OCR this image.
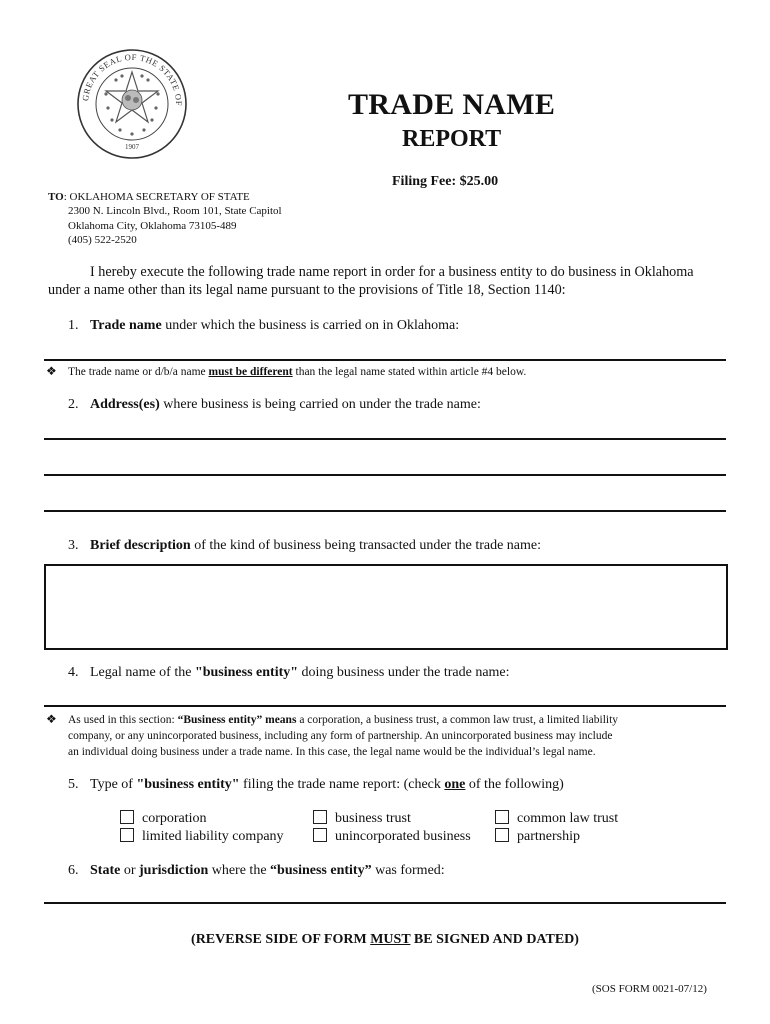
GREAT SEAL OF THE STATE OF
1907
TRADE NAME
REPORT
Filing Fee: $25.00
TO: OKLAHOMA SECRETARY OF STATE
2300 N. Lincoln Blvd., Room 101, State Capitol
Oklahoma City, Oklahoma 73105-489
(405) 522-2520
I hereby execute the following trade name report in order for a business entity to do business in Oklahoma
under a name other than its legal name pursuant to the provisions of Title 18, Section 1140:
1. Trade name under which the business is carried on in Oklahoma:
❖ The trade name or d/b/a name must be different than the legal name stated within article #4 below.
2. Address(es) where business is being carried on under the trade name:
3. Brief description of the kind of business being transacted under the trade name:
4. Legal name of the "business entity" doing business under the trade name:
❖ As used in this section: “Business entity” means a corporation, a business trust, a common law trust, a limited liability
company, or any unincorporated business, including any form of partnership. An unincorporated business may include
an individual doing business under a trade name. In this case, the legal name would be the individual’s legal name.
5. Type of "business entity" filing the trade name report: (check one of the following)
corporation	business trust	common law trust
limited liability company	unincorporated business	partnership
6. State or jurisdiction where the “business entity” was formed:
(REVERSE SIDE OF FORM MUST BE SIGNED AND DATED)
(SOS FORM 0021-07/12)
